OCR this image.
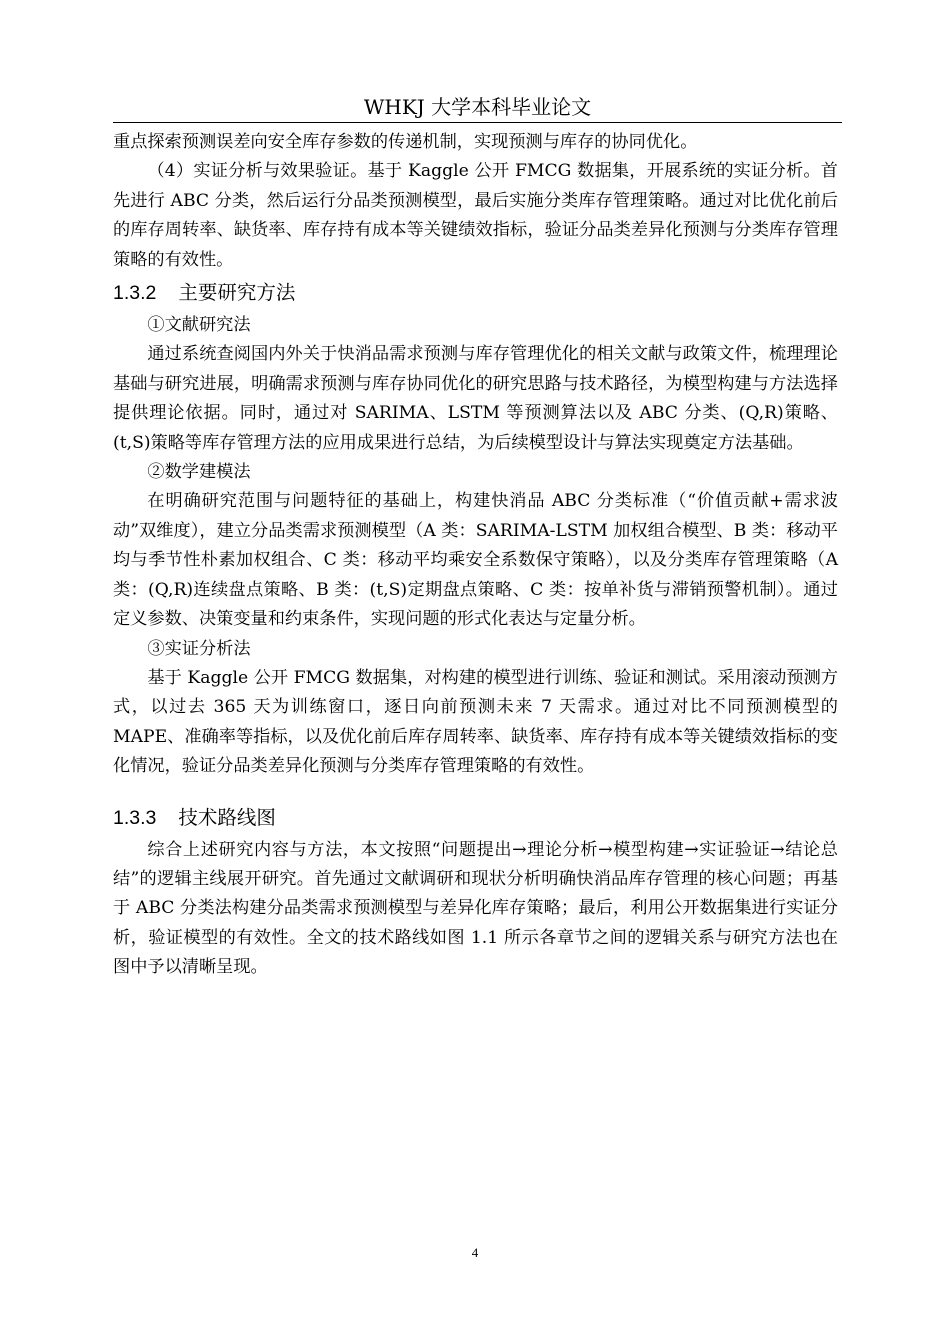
WHKJ 大学本科毕业论文

重点探索预测误差向安全库存参数的传递机制，实现预测与库存的协同优化。

（4）实证分析与效果验证。基于 Kaggle 公开 FMCG 数据集，开展系统的实证分析。首先进行 ABC 分类，然后运行分品类预测模型，最后实施分类库存管理策略。通过对比优化前后的库存周转率、缺货率、库存持有成本等关键绩效指标，验证分品类差异化预测与分类库存管理策略的有效性。

1.3.2 主要研究方法
①文献研究法

通过系统查阅国内外关于快消品需求预测与库存管理优化的相关文献与政策文件，梳理理论基础与研究进展，明确需求预测与库存协同优化的研究思路与技术路径，为模型构建与方法选择提供理论依据。同时，通过对 SARIMA、LSTM 等预测算法以及 ABC 分类、(Q,R)策略、(t,S)策略等库存管理方法的应用成果进行总结，为后续模型设计与算法实现奠定方法基础。

②数学建模法

在明确研究范围与问题特征的基础上，构建快消品 ABC 分类标准（“价值贡献+需求波动”双维度），建立分品类需求预测模型（A 类：SARIMA-LSTM 加权组合模型、B 类：移动平均与季节性朴素加权组合、C 类：移动平均乘安全系数保守策略），以及分类库存管理策略（A 类：(Q,R)连续盘点策略、B 类：(t,S)定期盘点策略、C 类：按单补货与滞销预警机制）。通过定义参数、决策变量和约束条件，实现问题的形式化表达与定量分析。

③实证分析法

基于 Kaggle 公开 FMCG 数据集，对构建的模型进行训练、验证和测试。采用滚动预测方式，以过去 365 天为训练窗口，逐日向前预测未来 7 天需求。通过对比不同预测模型的 MAPE、准确率等指标，以及优化前后库存周转率、缺货率、库存持有成本等关键绩效指标的变化情况，验证分品类差异化预测与分类库存管理策略的有效性。

1.3.3 技术路线图

综合上述研究内容与方法，本文按照“问题提出→理论分析→模型构建→实证验证→结论总结”的逻辑主线展开研究。首先通过文献调研和现状分析明确快消品库存管理的核心问题；再基于 ABC 分类法构建分品类需求预测模型与差异化库存策略；最后，利用公开数据集进行实证分析，验证模型的有效性。全文的技术路线如图 1.1 所示各章节之间的逻辑关系与研究方法也在图中予以清晰呈现。

4
